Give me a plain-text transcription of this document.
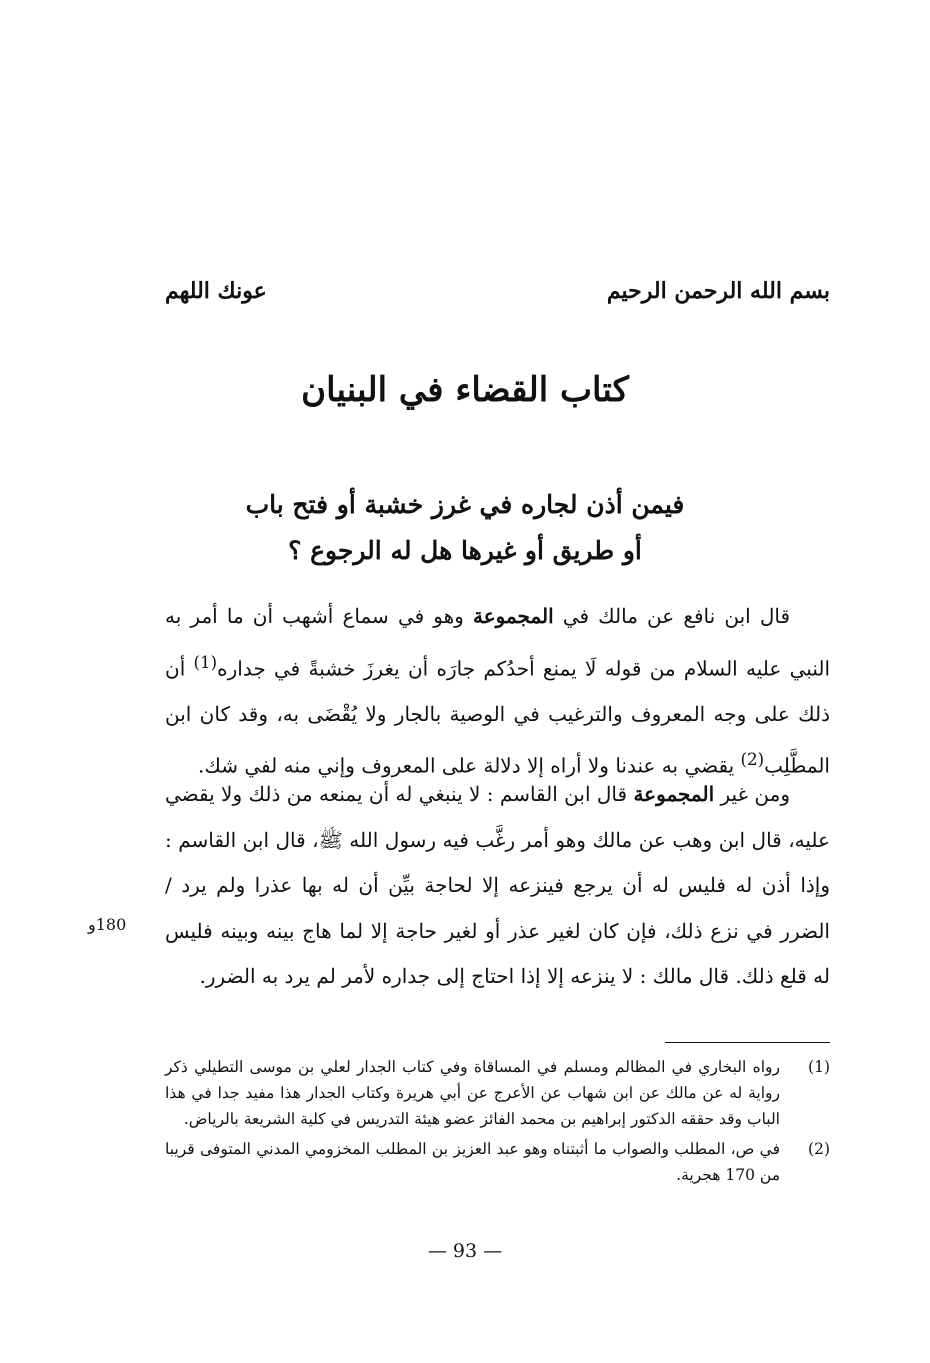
بسم الله الرحمن الرحيم
عونك اللهم
كتاب القضاء في البنيان
فيمن أذن لجاره في غرز خشبة أو فتح باب
أو طريق أو غيرها هل له الرجوع ؟
قال ابن نافع عن مالك في المجموعة وهو في سماع أشهب أن ما أمر به النبي عليه السلام من قوله لَا يمنع أحدُكم جارَه أن يغرزَ خشبةً في جداره$^{(1)}$ أن ذلك على وجه المعروف والترغيب في الوصية بالجار ولا يُقْضَى به، وقد كان ابن المطَّلِب$^{(2)}$ يقضي به عندنا ولا أراه إلا دلالة على المعروف وإني منه لفي شك.
ومن غير المجموعة قال ابن القاسم : لا ينبغي له أن يمنعه من ذلك ولا يقضي عليه، قال ابن وهب عن مالك وهو أمر رغَّب فيه رسول الله ﷺ، قال ابن القاسم : وإذا أذن له فليس له أن يرجع فينزعه إلا لحاجة بيِّن أن له بها عذرا ولم يرد / الضرر في نزع ذلك، فإن كان لغير عذر أو لغير حاجة إلا لما هاج بينه وبينه فليس له قلع ذلك. قال مالك : لا ينزعه إلا إذا احتاج إلى جداره لأمر لم يرد به الضرر.
180و
(1)
رواه البخاري في المظالم ومسلم في المساقاة وفي كتاب الجدار لعلي بن موسى التطيلي ذكر رواية له عن مالك عن ابن شهاب عن الأعرج عن أبي هريرة وكتاب الجدار هذا مفيد جدا في هذا الباب وقد حققه الدكتور إبراهيم بن محمد الفائز عضو هيئة التدريس في كلية الشريعة بالرياض.
(2)
في ص، المطلب والصواب ما أثبتناه وهو عبد العزيز بن المطلب المخزومي المدني المتوفى قريبا من 170 هجرية.
— 93 —
